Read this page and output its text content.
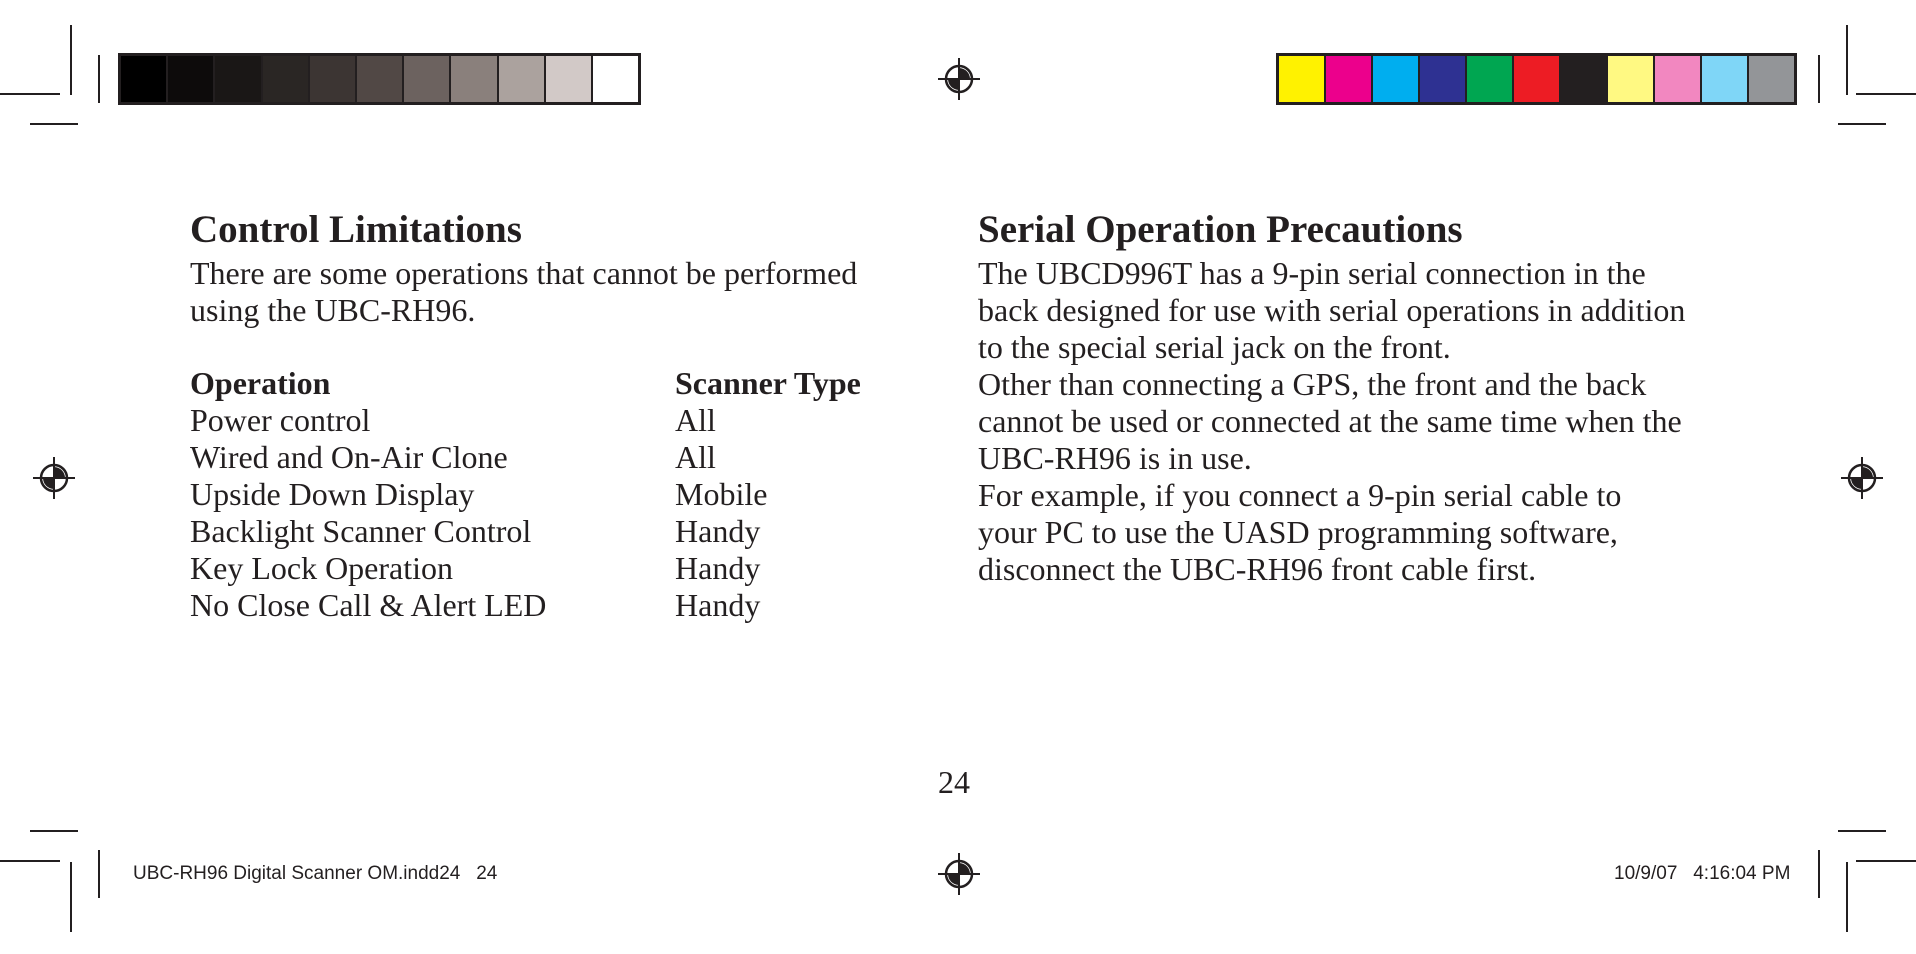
Control Limitations

There are some operations that cannot be performed

using the UBC-RH96.

Operation	Scanner Type
Power control	All
Wired and On-Air Clone	All
Upside Down Display	Mobile
Backlight Scanner Control	Handy
Key Lock Operation	Handy
No Close Call & Alert LED	Handy
Serial Operation Precautions

The UBCD996T has a 9-pin serial connection in the

back designed for use with serial operations in addition

to the special serial jack on the front.

Other than connecting a GPS, the front and the back

cannot be used or connected at the same time when the

UBC-RH96 is in use.

For example, if you connect a 9-pin serial cable to

your PC to use the UASD programming software,

disconnect the UBC-RH96 front cable first.

24
UBC-RH96 Digital Scanner OM.indd24   24	10/9/07   4:16:04 PM
